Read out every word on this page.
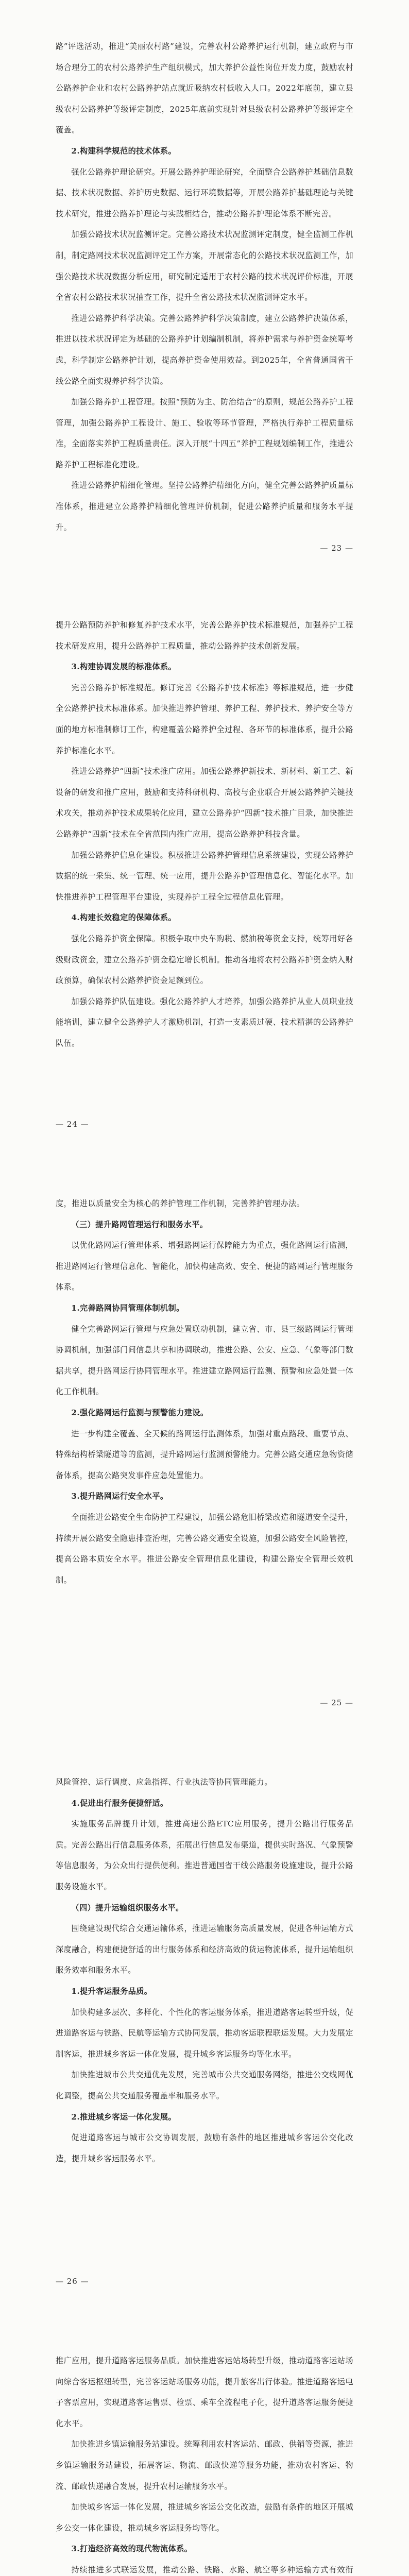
路”评选活动，推进“美丽农村路”建设，完善农村公路养护运行机制，建立政府与市场合理分工的农村公路养护生产组织模式，加大养护公益性岗位开发力度，鼓励农村公路养护企业和农村公路养护站点就近吸纳农村低收入人口。2022年底前，建立县级农村公路养护等级评定制度，2025年底前实现针对县级农村公路养护等级评定全覆盖。

2.构建科学规范的技术体系。

强化公路养护理论研究。开展公路养护理论研究，全面整合公路养护基础信息数据、技术状况数据、养护历史数据、运行环境数据等，开展公路养护基础理论与关键技术研究，推进公路养护理论与实践相结合，推动公路养护理论体系不断完善。

加强公路技术状况监测评定。完善公路技术状况监测评定制度，健全监测工作机制，制定路网技术状况监测评定工作方案，开展常态化的公路技术状况监测工作，加强公路技术状况数据分析应用，研究制定适用于农村公路的技术状况评价标准，开展全省农村公路技术状况抽查工作，提升全省公路技术状况监测评定水平。

推进公路养护科学决策。完善公路养护科学决策制度，建立公路养护决策体系，推进以技术状况评定为基础的公路养护计划编制机制，将养护需求与养护资金统筹考虑，科学制定公路养护计划，提高养护资金使用效益。到2025年，全省普通国省干线公路全面实现养护科学决策。

加强公路养护工程管理。按照“预防为主、防治结合”的原则，规范公路养护工程管理，加强公路养护工程设计、施工、验收等环节管理，严格执行养护工程质量标准，全面落实养护工程质量责任。深入开展“十四五”养护工程规划编制工作，推进公路养护工程标准化建设。

推进公路养护精细化管理。坚持公路养护精细化方向，健全完善公路养护质量标准体系，推进建立公路养护精细化管理评价机制，促进公路养护质量和服务水平提升。

— 23 —

提升公路预防养护和修复养护技术水平，完善公路养护技术标准规范，加强养护工程技术研发应用，提升公路养护工程质量，推动公路养护技术创新发展。

3.构建协调发展的标准体系。

完善公路养护标准规范。修订完善《公路养护技术标准》等标准规范，进一步健全公路养护技术标准体系。加快推进养护管理、养护工程、养护技术、养护安全等方面的地方标准制修订工作，构建覆盖公路养护全过程、各环节的标准体系，提升公路养护标准化水平。

推进公路养护“四新”技术推广应用。加强公路养护新技术、新材料、新工艺、新设备的研发和推广应用，鼓励和支持科研机构、高校与企业联合开展公路养护关键技术攻关，推动养护技术成果转化应用，建立公路养护“四新”技术推广目录，加快推进公路养护“四新”技术在全省范围内推广应用，提高公路养护科技含量。

加强公路养护信息化建设。积极推进公路养护管理信息系统建设，实现公路养护数据的统一采集、统一管理、统一应用，提升公路养护管理信息化、智能化水平。加快推进养护工程管理平台建设，实现养护工程全过程信息化管理。

4.构建长效稳定的保障体系。

强化公路养护资金保障。积极争取中央车购税、燃油税等资金支持，统筹用好各级财政资金，建立公路养护资金稳定增长机制。推动各地将农村公路养护资金纳入财政预算，确保农村公路养护资金足额到位。

加强公路养护队伍建设。强化公路养护人才培养，加强公路养护从业人员职业技能培训，建立健全公路养护人才激励机制，打造一支素质过硬、技术精湛的公路养护队伍。

— 24 —

度，推进以质量安全为核心的养护管理工作机制，完善养护管理办法。

（三）提升路网管理运行和服务水平。

以优化路网运行管理体系、增强路网运行保障能力为重点，强化路网运行监测，推进路网运行管理信息化、智能化，加快构建高效、安全、便捷的路网运行管理服务体系。

1.完善路网协同管理体制机制。

健全完善路网运行管理与应急处置联动机制，建立省、市、县三级路网运行管理协调机制，加强部门间信息共享和协调联动，推进公路、公安、应急、气象等部门数据共享，提升路网运行协同管理水平。推进建立路网运行监测、预警和应急处置一体化工作机制。

2.强化路网运行监测与预警能力建设。

进一步构建全覆盖、全天候的路网运行监测体系，加强对重点路段、重要节点、特殊结构桥梁隧道等的监测，提升路网运行监测预警能力。完善公路交通应急物资储备体系，提高公路突发事件应急处置能力。

3.提升路网运行安全水平。

全面推进公路安全生命防护工程建设，加强公路危旧桥梁改造和隧道安全提升，持续开展公路安全隐患排查治理，完善公路交通安全设施，加强公路安全风险管控，提高公路本质安全水平。推进公路安全管理信息化建设，构建公路安全管理长效机制。

— 25 —

风险管控、运行调度、应急指挥、行业执法等协同管理能力。

4.促进出行服务便捷舒适。

实施服务品牌提升计划，推进高速公路ETC应用服务，提升公路出行服务品质。完善公路出行信息服务体系，拓展出行信息发布渠道，提供实时路况、气象预警等信息服务，为公众出行提供便利。推进普通国省干线公路服务设施建设，提升公路服务设施水平。

（四）提升运输组织服务水平。

围绕建设现代综合交通运输体系，推进运输服务高质量发展，促进各种运输方式深度融合，构建便捷舒适的出行服务体系和经济高效的货运物流体系，提升运输组织服务效率和服务水平。

1.提升客运服务品质。

加快构建多层次、多样化、个性化的客运服务体系，推进道路客运转型升级，促进道路客运与铁路、民航等运输方式协同发展，推动客运联程联运发展。大力发展定制客运，推进城乡客运一体化发展，提升城乡客运服务均等化水平。

加快推进城市公共交通优先发展，完善城市公共交通服务网络，推进公交线网优化调整，提高公共交通服务覆盖率和服务水平。

2.推进城乡客运一体化发展。

促进道路客运与城市公交协调发展，鼓励有条件的地区推进城乡客运公交化改造，提升城乡客运服务水平。

— 26 —

推广应用，提升道路客运服务品质。加快推进客运站场转型升级，推动道路客运站场向综合客运枢纽转型，完善客运站场服务功能，提升旅客出行体验。推进道路客运电子客票应用，实现道路客运售票、检票、乘车全流程电子化，提升道路客运服务便捷化水平。

加快推进乡镇运输服务站建设。统筹利用农村客运站、邮政、供销等资源，推进乡镇运输服务站建设，拓展客运、物流、邮政快递等服务功能，推动农村客运、物流、邮政快递融合发展，提升农村运输服务水平。

加快城乡客运一体化发展，推进城乡客运公交化改造，鼓励有条件的地区开展城乡公交一体化建设，推动城乡客运服务均等化。

3.打造经济高效的现代物流体系。

持续推进多式联运发展，推动公路、铁路、水路、航空等多种运输方式有效衔
